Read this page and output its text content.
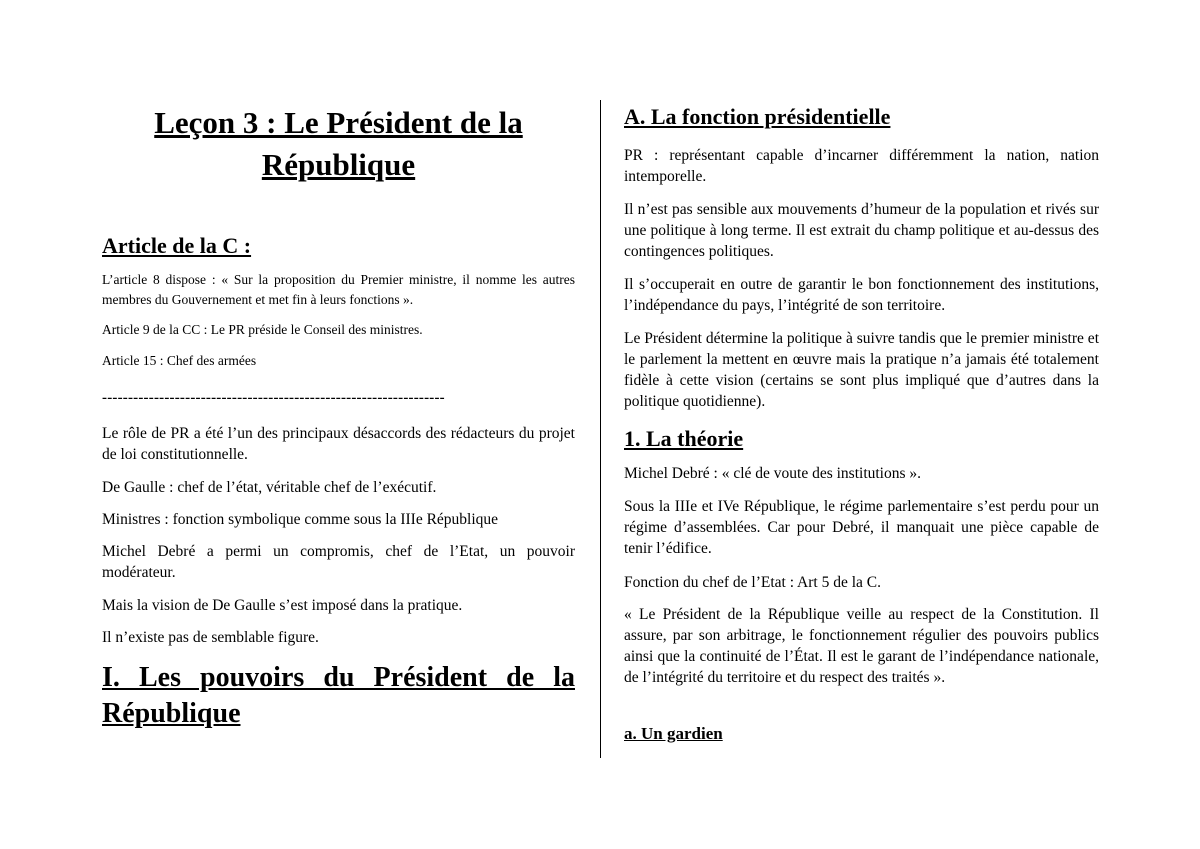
Leçon 3 : Le Président de la République
Article de la C :

L’article 8 dispose : « Sur la proposition du Premier ministre, il nomme les autres membres du Gouvernement et met fin à leurs fonctions ».

Article 9 de la CC : Le PR préside le Conseil des ministres.

Article 15 : Chef des armées

------------------------------------------------------------------

Le rôle de PR a été l’un des principaux désaccords des rédacteurs du projet de loi constitutionnelle.

De Gaulle : chef de l’état, véritable chef de l’exécutif.

Ministres : fonction symbolique comme sous la IIIe République

Michel Debré a permi un compromis, chef de l’Etat, un pouvoir modérateur.

Mais la vision de De Gaulle s’est imposé dans la pratique.

Il n’existe pas de semblable figure.

I. Les pouvoirs du Président de la
République
A. La fonction présidentielle

PR : représentant capable d’incarner différemment la nation, nation intemporelle.

Il n’est pas sensible aux mouvements d’humeur de la population et rivés sur une politique à long terme. Il est extrait du champ politique et au-dessus des contingences politiques.

Il s’occuperait en outre de garantir le bon fonctionnement des institutions, l’indépendance du pays, l’intégrité de son territoire.

Le Président détermine la politique à suivre tandis que le premier ministre et le parlement la mettent en œuvre mais la pratique n’a jamais été totalement fidèle à cette vision (certains se sont plus impliqué que d’autres dans la politique quotidienne).

1. La théorie

Michel Debré : « clé de voute des institutions ».

Sous la IIIe et IVe République, le régime parlementaire s’est perdu pour un régime d’assemblées. Car pour Debré, il manquait une pièce capable de tenir l’édifice.

Fonction du chef de l’Etat : Art 5 de la C.

« Le Président de la République veille au respect de la Constitution. Il assure, par son arbitrage, le fonctionnement régulier des pouvoirs publics ainsi que la continuité de l’État. Il est le garant de l’indépendance nationale, de l’intégrité du territoire et du respect des traités ».

a. Un gardien
